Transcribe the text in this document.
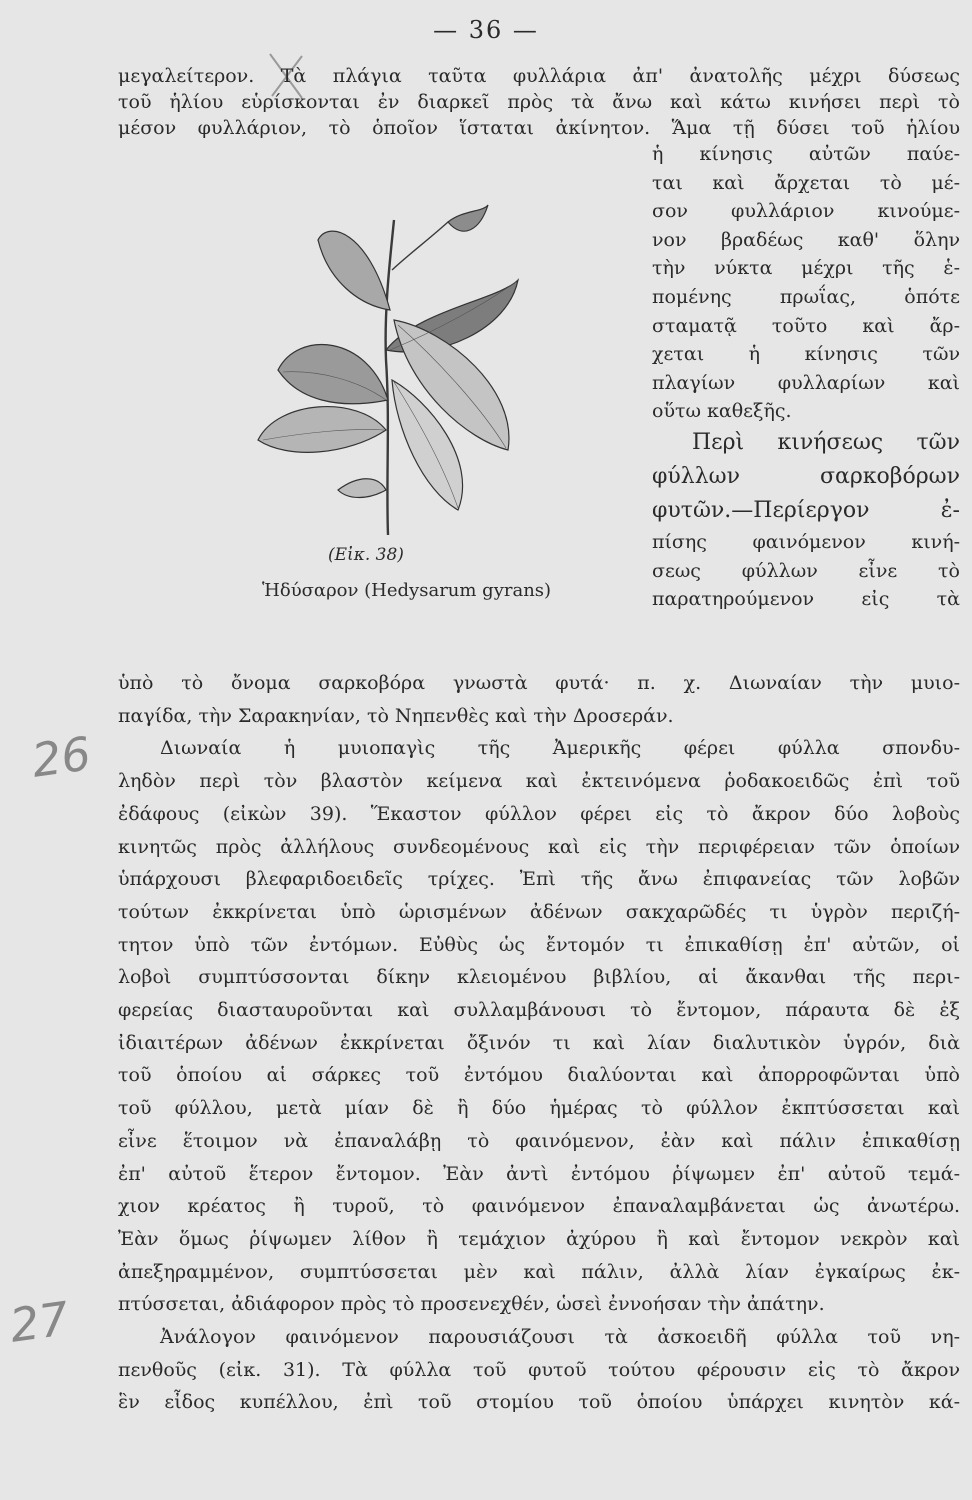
— 36 —
μεγαλείτερον. Τὰ πλάγια ταῦτα φυλλάρια ἀπ' ἀνατολῆς μέχρι δύσεως
τοῦ ἡλίου εὑρίσκονται ἐν διαρκεῖ πρὸς τὰ ἄνω καὶ κάτω κινήσει περὶ τὸ
μέσον φυλλάριον, τὸ ὁποῖον ἵσταται ἀκίνητον. Ἅμα τῇ δύσει τοῦ ἡλίου
(Εἰκ. 38)
Ἡδύσαρον (Hedysarum gyrans)
ἡ κίνησις αὐτῶν παύε-
ται καὶ ἄρχεται τὸ μέ-
σον φυλλάριον κινούμε-
νον βραδέως καθ' ὅλην
τὴν νύκτα μέχρι τῆς ἑ-
πομένης πρωΐας, ὁπότε
σταματᾷ τοῦτο καὶ ἄρ-
χεται ἡ κίνησις τῶν
πλαγίων φυλλαρίων καὶ
οὕτω καθεξῆς.
Περὶ κινήσεως τῶν
φύλλων σαρκοβόρων
φυτῶν.—Περίεργον ἐ-
πίσης φαινόμενον κινή-
σεως φύλλων εἶνε τὸ
παρατηρούμενον εἰς τὰ
ὑπὸ τὸ ὄνομα σαρκοβόρα γνωστὰ φυτά· π. χ. Διωναίαν τὴν μυιο-
παγίδα, τὴν Σαρακηνίαν, τὸ Νηπενθὲς καὶ τὴν Δροσεράν.
Διωναία ἡ μυιοπαγὶς τῆς Ἀμερικῆς φέρει φύλλα σπονδυ-
ληδὸν περὶ τὸν βλαστὸν κείμενα καὶ ἐκτεινόμενα ῥοδακοειδῶς ἐπὶ τοῦ
ἐδάφους (εἰκὼν 39). Ἕκαστον φύλλον φέρει εἰς τὸ ἄκρον δύο λοβοὺς
κινητῶς πρὸς ἀλλήλους συνδεομένους καὶ εἰς τὴν περιφέρειαν τῶν ὁποίων
ὑπάρχουσι βλεφαριδοειδεῖς τρίχες. Ἐπὶ τῆς ἄνω ἐπιφανείας τῶν λοβῶν
τούτων ἐκκρίνεται ὑπὸ ὡρισμένων ἀδένων σακχαρῶδές τι ὑγρὸν περιζή-
τητον ὑπὸ τῶν ἐντόμων. Εὐθὺς ὡς ἔντομόν τι ἐπικαθίσῃ ἐπ' αὐτῶν, οἱ
λοβοὶ συμπτύσσονται δίκην κλειομένου βιβλίου, αἱ ἄκανθαι τῆς περι-
φερείας διασταυροῦνται καὶ συλλαμβάνουσι τὸ ἔντομον, πάραυτα δὲ ἐξ
ἰδιαιτέρων ἀδένων ἐκκρίνεται ὄξινόν τι καὶ λίαν διαλυτικὸν ὑγρόν, διὰ
τοῦ ὁποίου αἱ σάρκες τοῦ ἐντόμου διαλύονται καὶ ἀπορροφῶνται ὑπὸ
τοῦ φύλλου, μετὰ μίαν δὲ ἢ δύο ἡμέρας τὸ φύλλον ἐκπτύσσεται καὶ
εἶνε ἕτοιμον νὰ ἐπαναλάβῃ τὸ φαινόμενον, ἐὰν καὶ πάλιν ἐπικαθίσῃ
ἐπ' αὐτοῦ ἕτερον ἔντομον. Ἐὰν ἀντὶ ἐντόμου ῥίψωμεν ἐπ' αὐτοῦ τεμά-
χιον κρέατος ἢ τυροῦ, τὸ φαινόμενον ἐπαναλαμβάνεται ὡς ἀνωτέρω.
Ἐὰν ὅμως ῥίψωμεν λίθον ἢ τεμάχιον ἀχύρου ἢ καὶ ἔντομον νεκρὸν καὶ
ἀπεξηραμμένον, συμπτύσσεται μὲν καὶ πάλιν, ἀλλὰ λίαν ἐγκαίρως ἐκ-
πτύσσεται, ἀδιάφορον πρὸς τὸ προσενεχθέν, ὡσεὶ ἐννοήσαν τὴν ἀπάτην.
Ἀνάλογον φαινόμενον παρουσιάζουσι τὰ ἀσκοειδῆ φύλλα τοῦ νη-
πενθοῦς (εἰκ. 31). Τὰ φύλλα τοῦ φυτοῦ τούτου φέρουσιν εἰς τὸ ἄκρον
ἓν εἶδος κυπέλλου, ἐπὶ τοῦ στομίου τοῦ ὁποίου ὑπάρχει κινητὸν κά-
26
27
